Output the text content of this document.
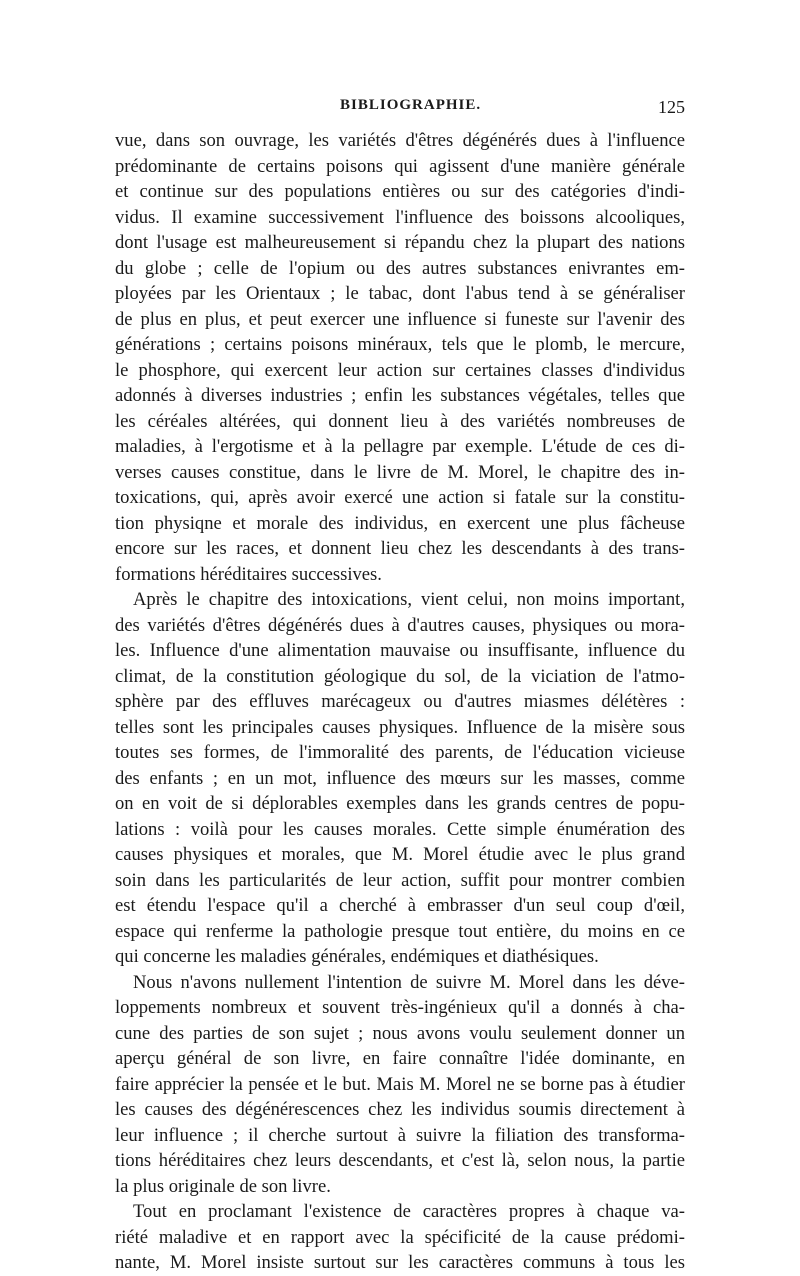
BIBLIOGRAPHIE.	125
vue, dans son ouvrage, les variétés d'êtres dégénérés dues à l'influence
prédominante de certains poisons qui agissent d'une manière générale
et continue sur des populations entières ou sur des catégories d'indi-
vidus. Il examine successivement l'influence des boissons alcooliques,
dont l'usage est malheureusement si répandu chez la plupart des nations
du globe ; celle de l'opium ou des autres substances enivrantes em-
ployées par les Orientaux ; le tabac, dont l'abus tend à se généraliser
de plus en plus, et peut exercer une influence si funeste sur l'avenir des
générations ; certains poisons minéraux, tels que le plomb, le mercure,
le phosphore, qui exercent leur action sur certaines classes d'individus
adonnés à diverses industries ; enfin les substances végétales, telles que
les céréales altérées, qui donnent lieu à des variétés nombreuses de
maladies, à l'ergotisme et à la pellagre par exemple. L'étude de ces di-
verses causes constitue, dans le livre de M. Morel, le chapitre des in-
toxications, qui, après avoir exercé une action si fatale sur la constitu-
tion physiqne et morale des individus, en exercent une plus fâcheuse
encore sur les races, et donnent lieu chez les descendants à des trans-
formations héréditaires successives.
Après le chapitre des intoxications, vient celui, non moins important,
des variétés d'êtres dégénérés dues à d'autres causes, physiques ou mora-
les. Influence d'une alimentation mauvaise ou insuffisante, influence du
climat, de la constitution géologique du sol, de la viciation de l'atmo-
sphère par des effluves marécageux ou d'autres miasmes délétères :
telles sont les principales causes physiques. Influence de la misère sous
toutes ses formes, de l'immoralité des parents, de l'éducation vicieuse
des enfants ; en un mot, influence des mœurs sur les masses, comme
on en voit de si déplorables exemples dans les grands centres de popu-
lations : voilà pour les causes morales. Cette simple énumération des
causes physiques et morales, que M. Morel étudie avec le plus grand
soin dans les particularités de leur action, suffit pour montrer combien
est étendu l'espace qu'il a cherché à embrasser d'un seul coup d'œil,
espace qui renferme la pathologie presque tout entière, du moins en ce
qui concerne les maladies générales, endémiques et diathésiques.
Nous n'avons nullement l'intention de suivre M. Morel dans les déve-
loppements nombreux et souvent très-ingénieux qu'il a donnés à cha-
cune des parties de son sujet ; nous avons voulu seulement donner un
aperçu général de son livre, en faire connaître l'idée dominante, en
faire apprécier la pensée et le but. Mais M. Morel ne se borne pas à étudier
les causes des dégénérescences chez les individus soumis directement à
leur influence ; il cherche surtout à suivre la filiation des transforma-
tions héréditaires chez leurs descendants, et c'est là, selon nous, la partie
la plus originale de son livre.
Tout en proclamant l'existence de caractères propres à chaque va-
riété maladive et en rapport avec la spécificité de la cause prédomi-
nante, M. Morel insiste surtout sur les caractères communs à tous les
